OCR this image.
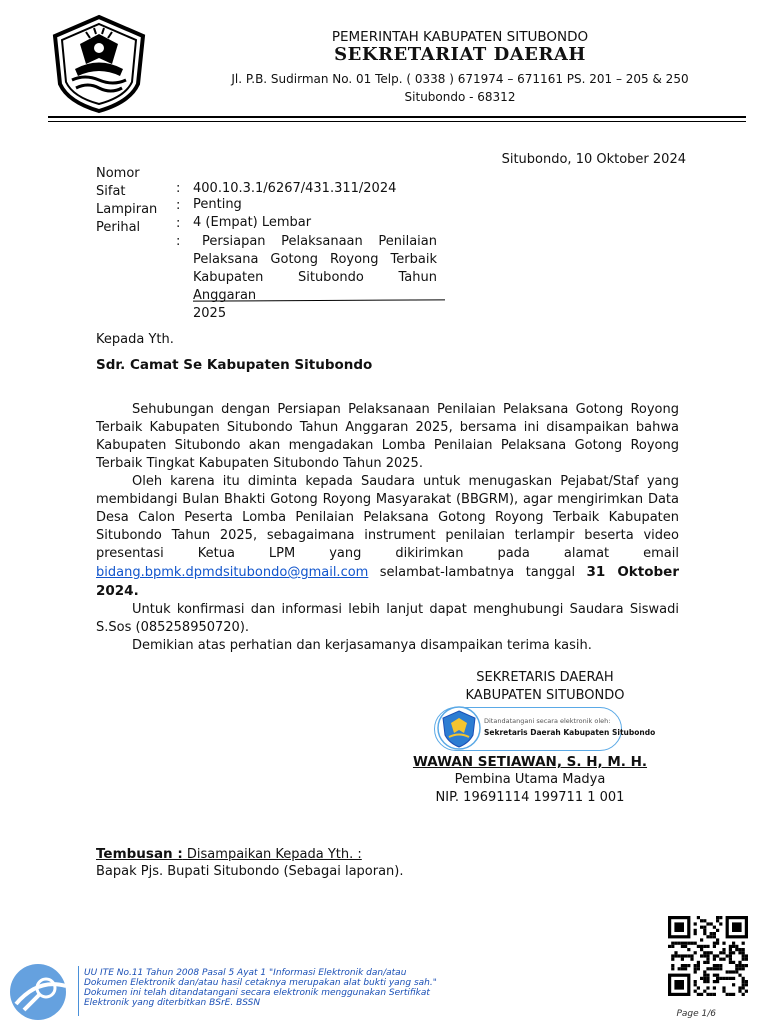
PEMERINTAH KABUPATEN SITUBONDO
SEKRETARIAT DAERAH
Jl. P.B. Sudirman No. 01 Telp. ( 0338 ) 671974 – 671161 PS. 201 – 205 & 250
Situbondo - 68312
Situbondo, 10 Oktober 2024
Nomor
Sifat
Lampiran
Perihal
:
:
:
:
400.10.3.1/6267/431.311/2024
Penting
4 (Empat) Lembar
Persiapan Pelaksanaan Penilaian
Pelaksana Gotong Royong Terbaik
Kabupaten Situbondo Tahun Anggaran
2025
Kepada Yth.
Sdr. Camat Se Kabupaten Situbondo

Sehubungan dengan Persiapan Pelaksanaan Penilaian Pelaksana Gotong Royong Terbaik Kabupaten Situbondo Tahun Anggaran 2025, bersama ini disampaikan bahwa Kabupaten Situbondo akan mengadakan Lomba Penilaian Pelaksana Gotong Royong Terbaik Tingkat Kabupaten Situbondo Tahun 2025.

Oleh karena itu diminta kepada Saudara untuk menugaskan Pejabat/Staf yang membidangi Bulan Bhakti Gotong Royong Masyarakat (BBGRM), agar mengirimkan Data Desa Calon Peserta Lomba Penilaian Pelaksana Gotong Royong Terbaik Kabupaten Situbondo Tahun 2025, sebagaimana instrument penilaian terlampir beserta video presentasi Ketua LPM yang dikirimkan pada alamat email bidang.bpmk.dpmdsitubondo@gmail.com selambat-lambatnya tanggal 31 Oktober 2024.

Untuk konfirmasi dan informasi lebih lanjut dapat menghubungi Saudara Siswadi S.Sos (085258950720).

Demikian atas perhatian dan kerjasamanya disampaikan terima kasih.

SEKRETARIS DAERAH
KABUPATEN SITUBONDO
Ditandatangani secara elektronik oleh:
Sekretaris Daerah Kabupaten Situbondo
WAWAN SETIAWAN, S. H, M. H.
Pembina Utama Madya
NIP. 19691114 199711 1 001
Tembusan : Disampaikan Kepada Yth. :
Bapak Pjs. Bupati Situbondo (Sebagai laporan).
UU ITE No.11 Tahun 2008 Pasal 5 Ayat 1 "Informasi Elektronik dan/atau
Dokumen Elektronik dan/atau hasil cetaknya merupakan alat bukti yang sah."
Dokumen ini telah ditandatangani secara elektronik menggunakan Sertifikat
Elektronik yang diterbitkan BSrE. BSSN
Page 1/6
